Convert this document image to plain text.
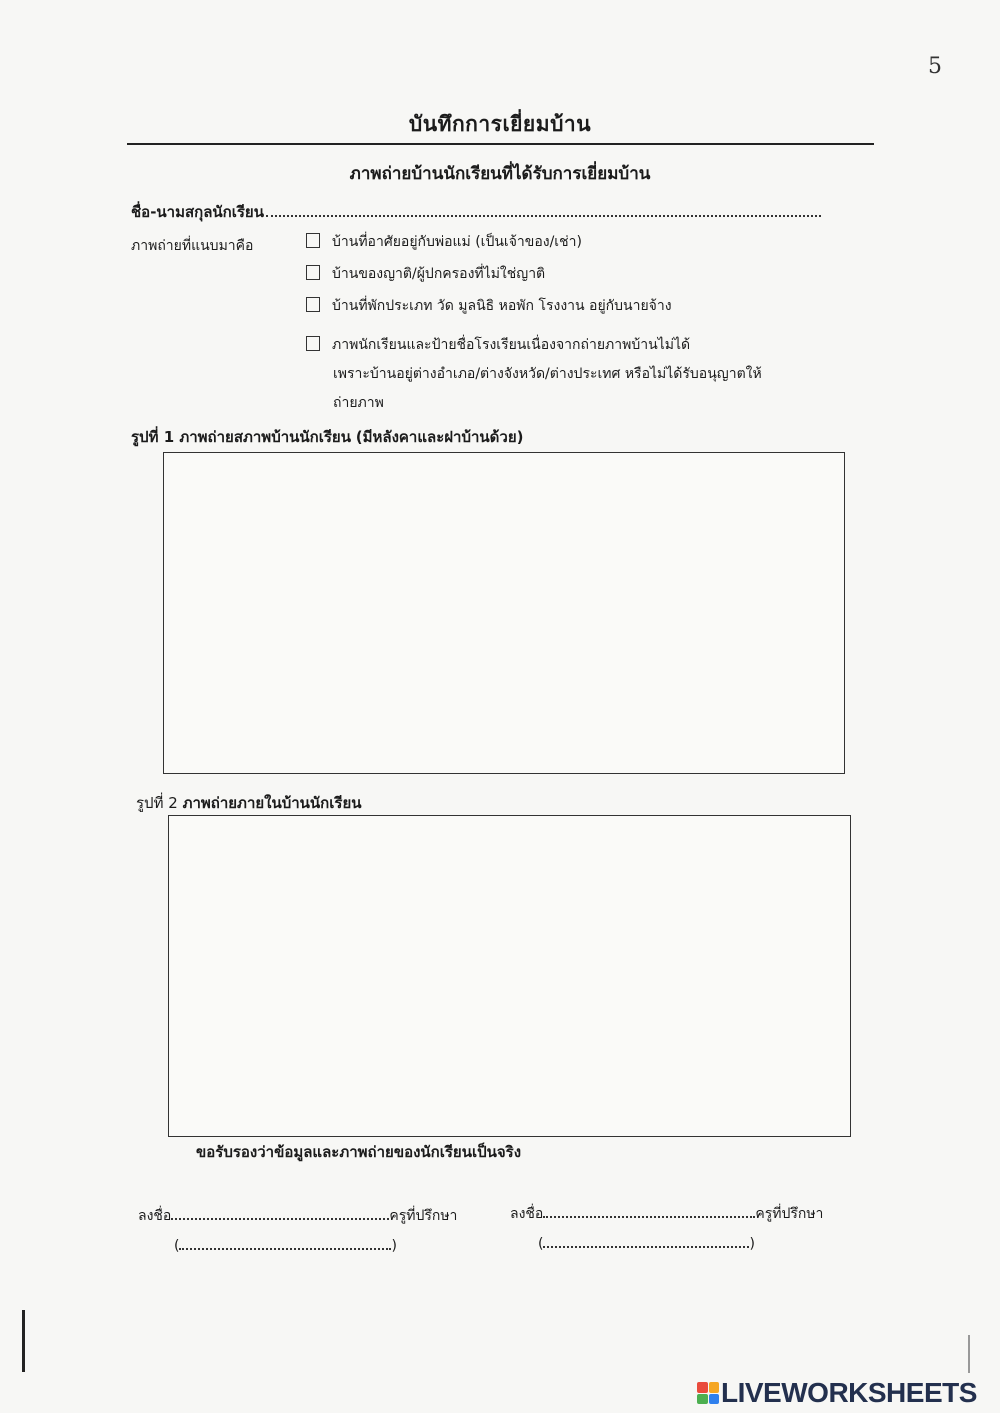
5
บันทึกการเยี่ยมบ้าน
ภาพถ่ายบ้านนักเรียนที่ได้รับการเยี่ยมบ้าน
ชื่อ-นามสกุลนักเรียน
ภาพถ่ายที่แนบมาคือ	บ้านที่อาศัยอยู่กับพ่อแม่ (เป็นเจ้าของ/เช่า)
บ้านของญาติ/ผู้ปกครองที่ไม่ใช่ญาติ
บ้านที่พักประเภท วัด มูลนิธิ หอพัก โรงงาน อยู่กับนายจ้าง
ภาพนักเรียนและป้ายชื่อโรงเรียนเนื่องจากถ่ายภาพบ้านไม่ได้
เพราะบ้านอยู่ต่างอำเภอ/ต่างจังหวัด/ต่างประเทศ หรือไม่ได้รับอนุญาตให้
ถ่ายภาพ
รูปที่ 1 ภาพถ่ายสภาพบ้านนักเรียน (มีหลังคาและฝาบ้านด้วย)
รูปที่ 2 ภาพถ่ายภายในบ้านนักเรียน
ขอรับรองว่าข้อมูลและภาพถ่ายของนักเรียนเป็นจริง
ลงชื่อ	ครูที่ปรึกษา
(	)
ลงชื่อ	ครูที่ปรึกษา
(	)
LIVEWORKSHEETS
